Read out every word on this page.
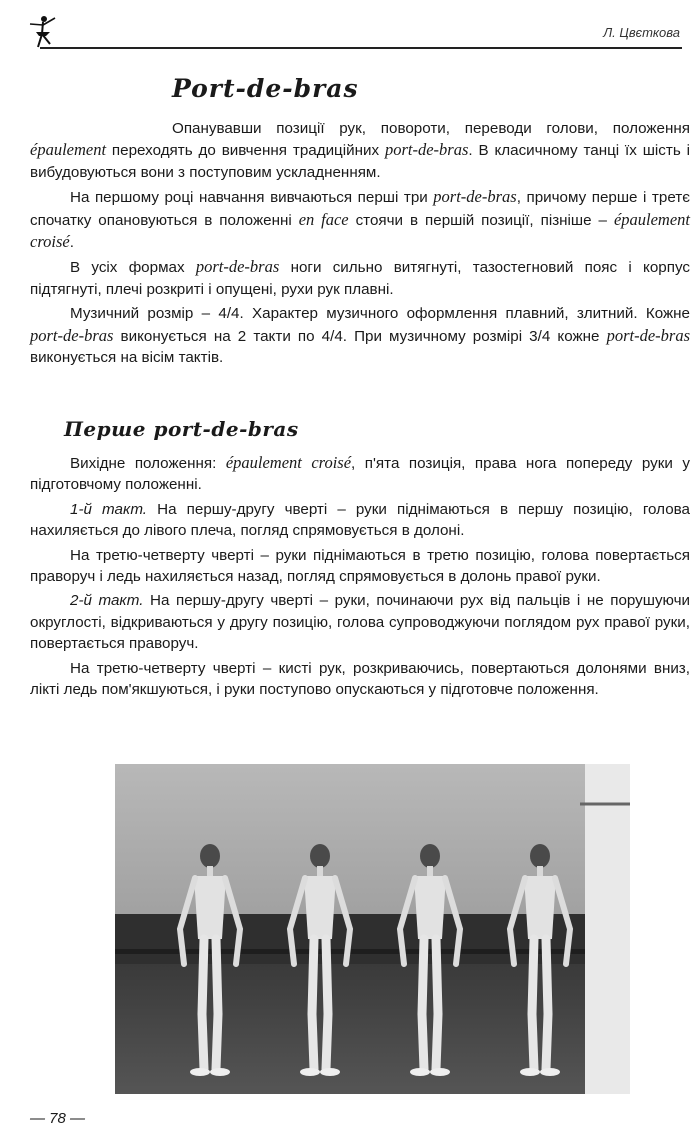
Л. Цвєткова
Port-de-bras

Опанувавши позиції рук, повороти, переводи голови, положення épaulement переходять до вивчення традиційних port-de-bras. В класичному танці їх шість і вибудовуються вони з поступовим ускладненням.

На першому році навчання вивчаються перші три port-de-bras, причому перше і третє спочатку опановуються в положенні en face стоячи в першій позиції, пізніше – épaulement croisé.

В усіх формах port-de-bras ноги сильно витягнуті, тазостегновий пояс і корпус підтягнуті, плечі розкриті і опущені, рухи рук плавні.

Музичний розмір – 4/4. Характер музичного оформлення плавний, злитний. Кожне port-de-bras виконується на 2 такти по 4/4. При музичному розмірі 3/4 кожне port-de-bras виконується на вісім тактів.

Перше port-de-bras

Вихідне положення: épaulement croisé, п'ята позиція, права нога попереду руки у підготовчому положенні.

1-й такт. На першу-другу чверті – руки піднімаються в першу позицію, голова нахиляється до лівого плеча, погляд спрямовується в долоні.

На третю-четверту чверті – руки піднімаються в третю позицію, голова повертається праворуч і ледь нахиляється назад, погляд спрямовується в долонь правої руки.

2-й такт. На першу-другу чверті – руки, починаючи рух від пальців і не порушуючи округлості, відкриваються у другу позицію, голова супроводжуючи поглядом рух правої руки, повертається праворуч.

На третю-четверту чверті – кисті рук, розкриваючись, повертаються долонями вниз, лікті ледь пом'якшуються, і руки поступово опускаються у підготовче положення.

— 78 —
